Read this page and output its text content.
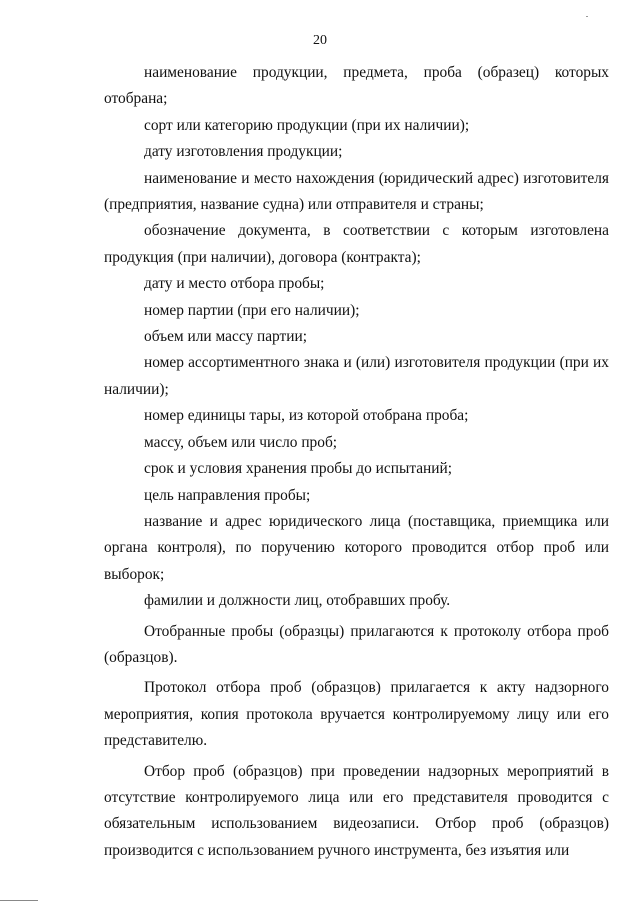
20

наименование продукции, предмета, проба (образец) которых отобрана;

сорт или категорию продукции (при их наличии);

дату изготовления продукции;

наименование и место нахождения (юридический адрес) изготовителя (предприятия, название судна) или отправителя и страны;

обозначение документа, в соответствии с которым изготовлена продукция (при наличии), договора (контракта);

дату и место отбора пробы;

номер партии (при его наличии);

объем или массу партии;

номер ассортиментного знака и (или) изготовителя продукции (при их наличии);

номер единицы тары, из которой отобрана проба;

массу, объем или число проб;

срок и условия хранения пробы до испытаний;

цель направления пробы;

название и адрес юридического лица (поставщика, приемщика или органа контроля), по поручению которого проводится отбор проб или выборок;

фамилии и должности лиц, отобравших пробу.

Отобранные пробы (образцы) прилагаются к протоколу отбора проб (образцов).

Протокол отбора проб (образцов) прилагается к акту надзорного мероприятия, копия протокола вручается контролируемому лицу или его представителю.

Отбор проб (образцов) при проведении надзорных мероприятий в отсутствие контролируемого лица или его представителя проводится с обязательным использованием видеозаписи. Отбор проб (образцов) производится с использованием ручного инструмента, без изъятия или
